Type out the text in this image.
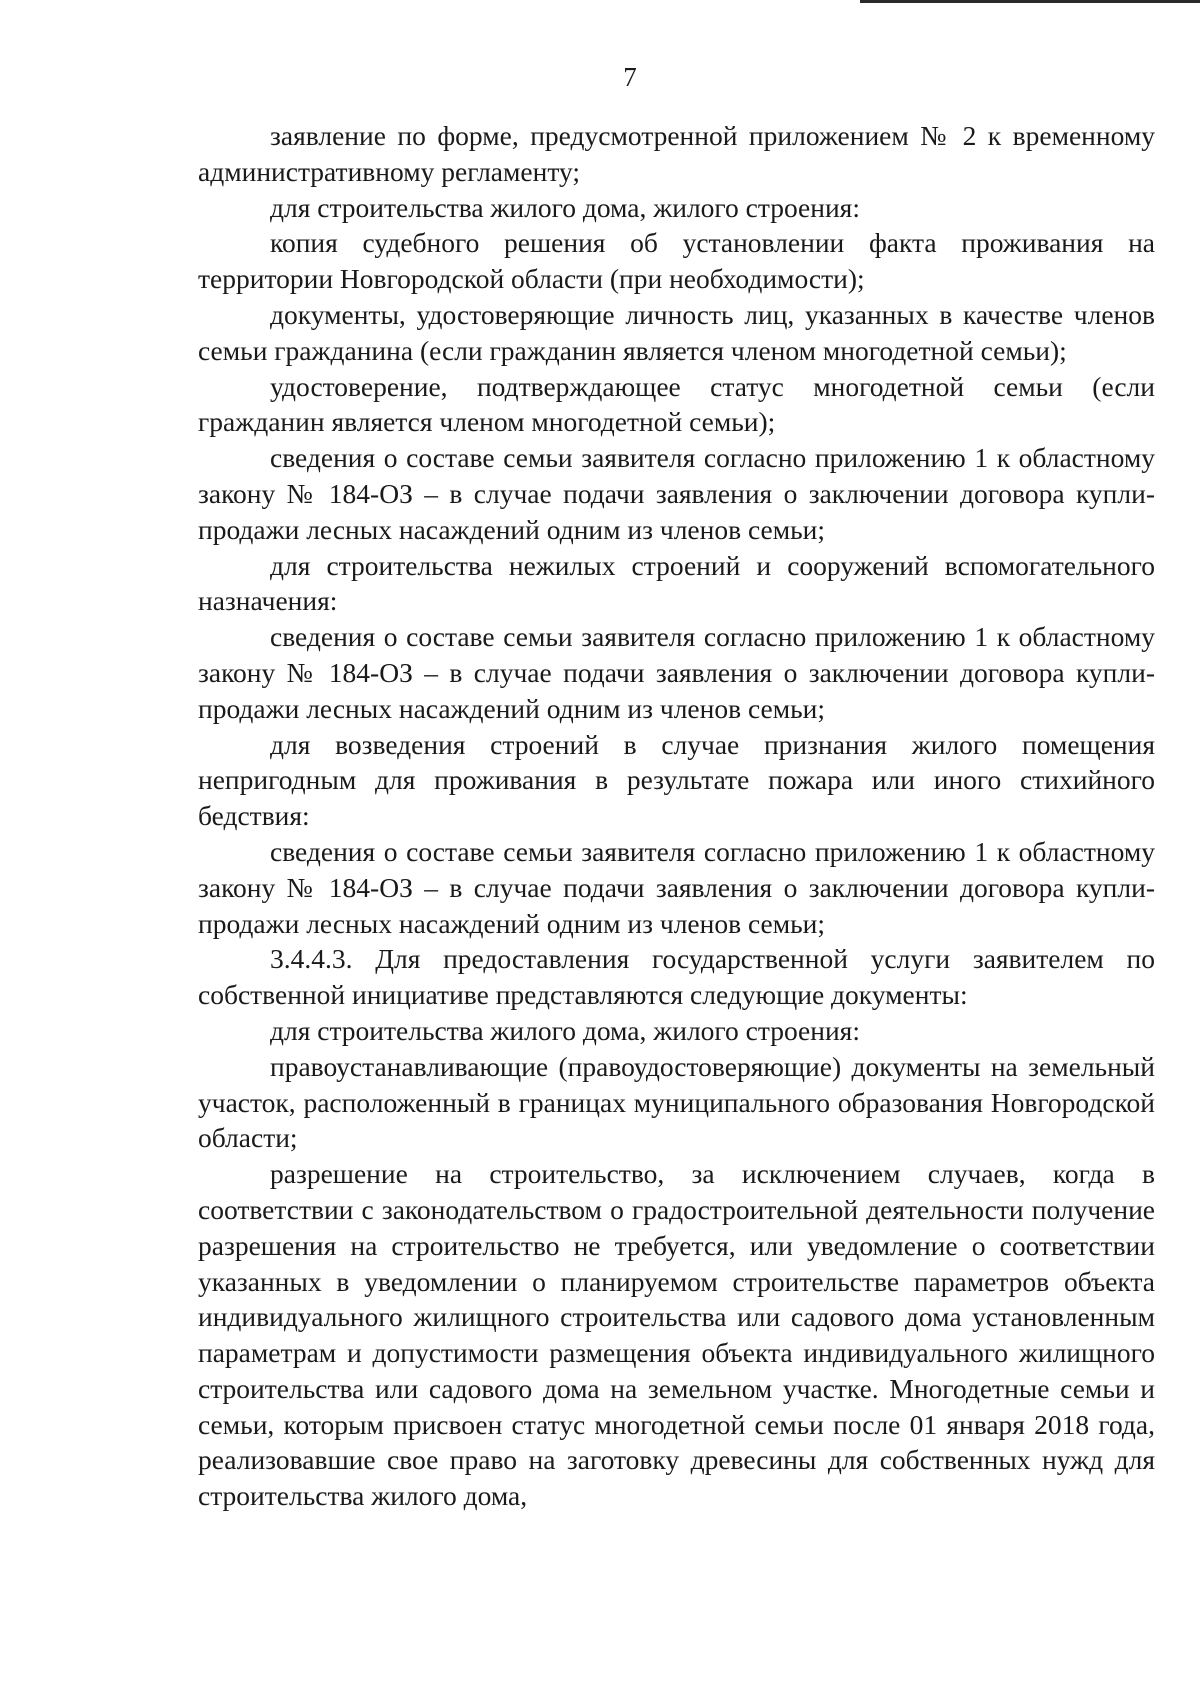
7

заявление по форме, предусмотренной приложением № 2 к временному административному регламенту;

для строительства жилого дома, жилого строения:

копия судебного решения об установлении факта проживания на территории Новгородской области (при необходимости);

документы, удостоверяющие личность лиц, указанных в качестве членов семьи гражданина (если гражданин является членом многодетной семьи);

удостоверение, подтверждающее статус многодетной семьи (если гражданин является членом многодетной семьи);

сведения о составе семьи заявителя согласно приложению 1 к областному закону № 184-ОЗ – в случае подачи заявления о заключении договора купли-продажи лесных насаждений одним из членов семьи;

для строительства нежилых строений и сооружений вспомогательного назначения:

сведения о составе семьи заявителя согласно приложению 1 к областному закону № 184-ОЗ – в случае подачи заявления о заключении договора купли-продажи лесных насаждений одним из членов семьи;

для возведения строений в случае признания жилого помещения непригодным для проживания в результате пожара или иного стихийного бедствия:

сведения о составе семьи заявителя согласно приложению 1 к областному закону № 184-ОЗ – в случае подачи заявления о заключении договора купли-продажи лесных насаждений одним из членов семьи;

3.4.4.3. Для предоставления государственной услуги заявителем по собственной инициативе представляются следующие документы:

для строительства жилого дома, жилого строения:

правоустанавливающие (правоудостоверяющие) документы на земельный участок, расположенный в границах муниципального образования Новгородской области;

разрешение на строительство, за исключением случаев, когда в соответствии с законодательством о градостроительной деятельности получение разрешения на строительство не требуется, или уведомление о соответствии указанных в уведомлении о планируемом строительстве параметров объекта индивидуального жилищного строительства или садового дома установленным параметрам и допустимости размещения объекта индивидуального жилищного строительства или садового дома на земельном участке. Многодетные семьи и семьи, которым присвоен статус многодетной семьи после 01 января 2018 года, реализовавшие свое право на заготовку древесины для собственных нужд для строительства жилого дома,
